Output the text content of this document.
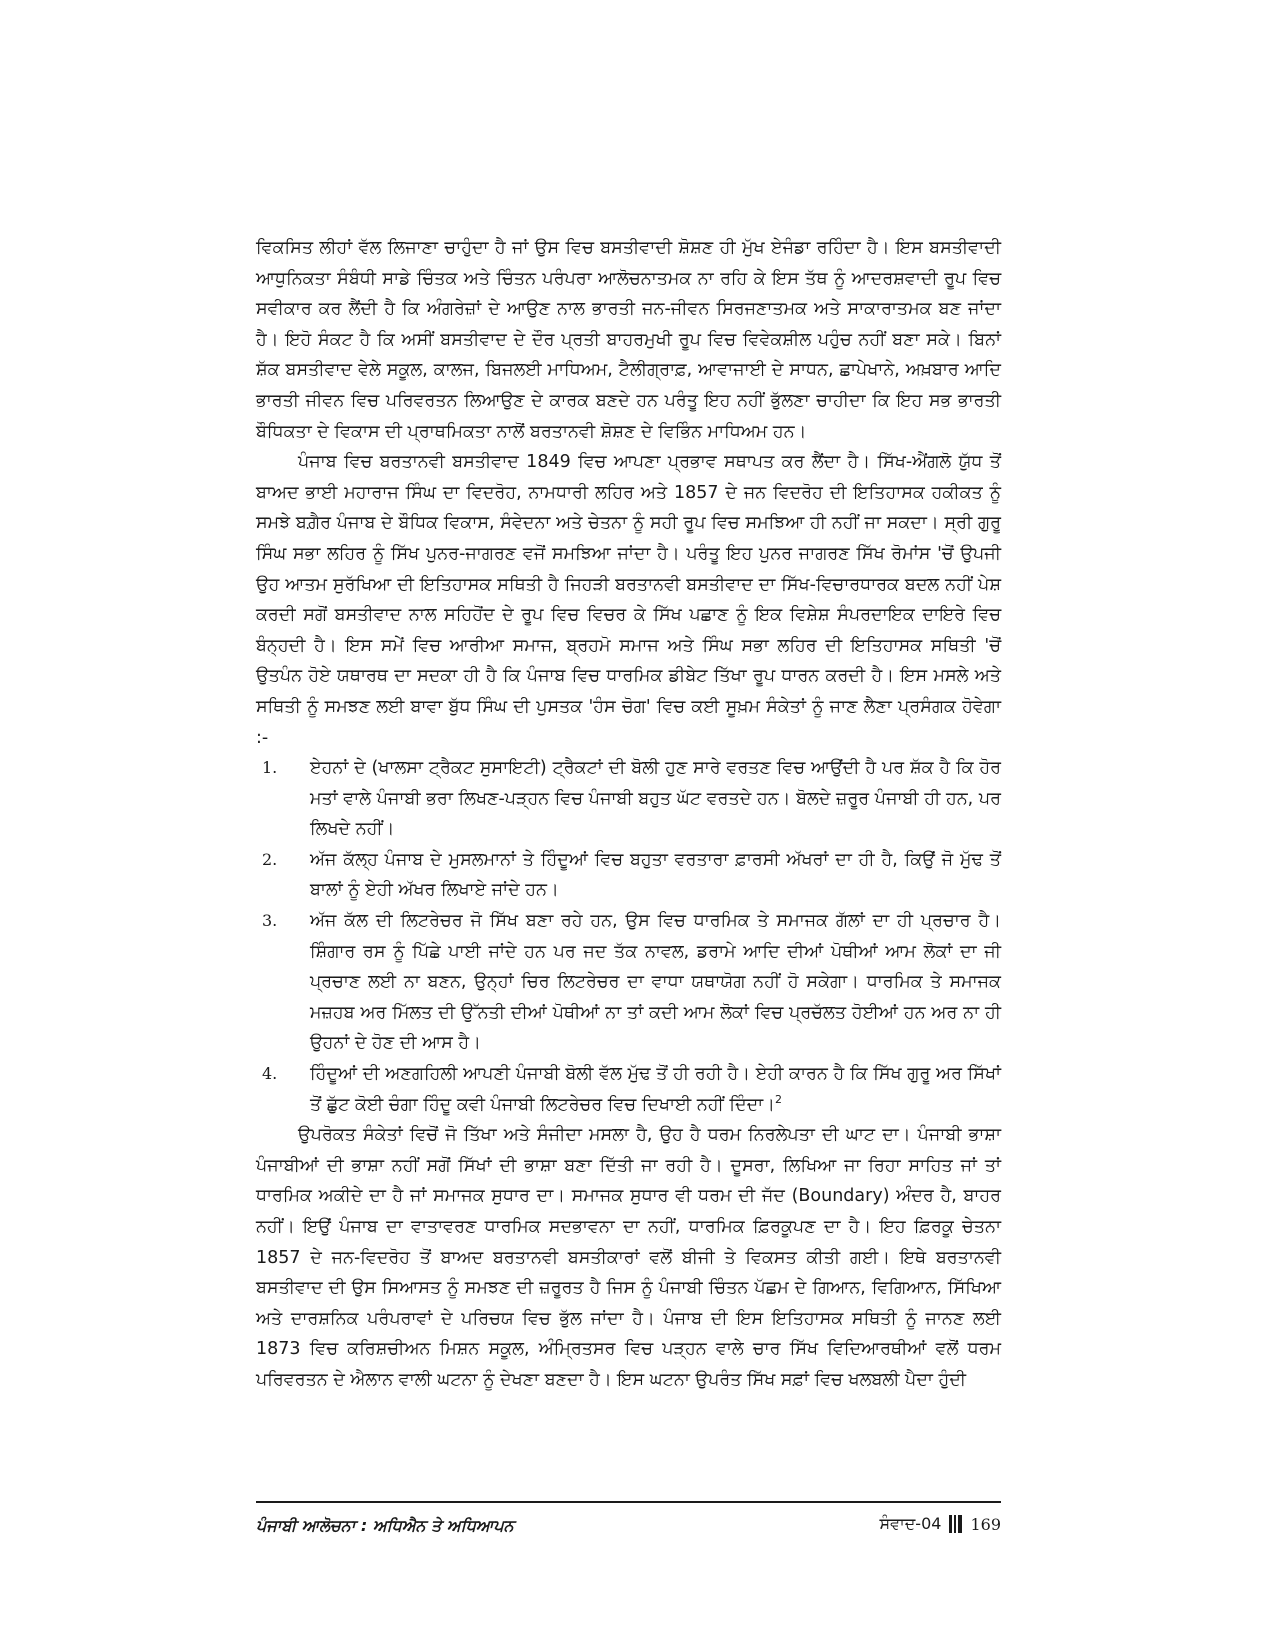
ਵਿਕਸਿਤ ਲੀਹਾਂ ਵੱਲ ਲਿਜਾਣਾ ਚਾਹੁੰਦਾ ਹੈ ਜਾਂ ਉਸ ਵਿਚ ਬਸਤੀਵਾਦੀ ਸ਼ੋਸ਼ਣ ਹੀ ਮੁੱਖ ਏਜੰਡਾ ਰਹਿੰਦਾ ਹੈ। ਇਸ ਬਸਤੀਵਾਦੀ ਆਧੁਨਿਕਤਾ ਸੰਬੰਧੀ ਸਾਡੇ ਚਿੰਤਕ ਅਤੇ ਚਿੰਤਨ ਪਰੰਪਰਾ ਆਲੋਚਨਾਤਮਕ ਨਾ ਰਹਿ ਕੇ ਇਸ ਤੱਥ ਨੂੰ ਆਦਰਸ਼ਵਾਦੀ ਰੂਪ ਵਿਚ ਸਵੀਕਾਰ ਕਰ ਲੈਂਦੀ ਹੈ ਕਿ ਅੰਗਰੇਜ਼ਾਂ ਦੇ ਆਉਣ ਨਾਲ ਭਾਰਤੀ ਜਨ-ਜੀਵਨ ਸਿਰਜਣਾਤਮਕ ਅਤੇ ਸਾਕਾਰਾਤਮਕ ਬਣ ਜਾਂਦਾ ਹੈ। ਇਹੋ ਸੰਕਟ ਹੈ ਕਿ ਅਸੀਂ ਬਸਤੀਵਾਦ ਦੇ ਦੌਰ ਪ੍ਰਤੀ ਬਾਹਰਮੁਖੀ ਰੂਪ ਵਿਚ ਵਿਵੇਕਸ਼ੀਲ ਪਹੁੰਚ ਨਹੀਂ ਬਣਾ ਸਕੇ। ਬਿਨਾਂ ਸ਼ੱਕ ਬਸਤੀਵਾਦ ਵੇਲੇ ਸਕੂਲ, ਕਾਲਜ, ਬਿਜਲਈ ਮਾਧਿਅਮ, ਟੈਲੀਗ੍ਰਾਫ਼, ਆਵਾਜਾਈ ਦੇ ਸਾਧਨ, ਛਾਪੇਖਾਨੇ, ਅਖ਼ਬਾਰ ਆਦਿ ਭਾਰਤੀ ਜੀਵਨ ਵਿਚ ਪਰਿਵਰਤਨ ਲਿਆਉਣ ਦੇ ਕਾਰਕ ਬਣਦੇ ਹਨ ਪਰੰਤੂ ਇਹ ਨਹੀਂ ਭੁੱਲਣਾ ਚਾਹੀਦਾ ਕਿ ਇਹ ਸਭ ਭਾਰਤੀ ਬੌਧਿਕਤਾ ਦੇ ਵਿਕਾਸ ਦੀ ਪ੍ਰਾਥਮਿਕਤਾ ਨਾਲੋਂ ਬਰਤਾਨਵੀ ਸ਼ੋਸ਼ਣ ਦੇ ਵਿਭਿੰਨ ਮਾਧਿਅਮ ਹਨ।

ਪੰਜਾਬ ਵਿਚ ਬਰਤਾਨਵੀ ਬਸਤੀਵਾਦ 1849 ਵਿਚ ਆਪਣਾ ਪ੍ਰਭਾਵ ਸਥਾਪਤ ਕਰ ਲੈਂਦਾ ਹੈ। ਸਿੱਖ-ਐਂਗਲੋ ਯੁੱਧ ਤੋਂ ਬਾਅਦ ਭਾਈ ਮਹਾਰਾਜ ਸਿੰਘ ਦਾ ਵਿਦਰੋਹ, ਨਾਮਧਾਰੀ ਲਹਿਰ ਅਤੇ 1857 ਦੇ ਜਨ ਵਿਦਰੋਹ ਦੀ ਇਤਿਹਾਸਕ ਹਕੀਕਤ ਨੂੰ ਸਮਝੇ ਬਗ਼ੈਰ ਪੰਜਾਬ ਦੇ ਬੌਧਿਕ ਵਿਕਾਸ, ਸੰਵੇਦਨਾ ਅਤੇ ਚੇਤਨਾ ਨੂੰ ਸਹੀ ਰੂਪ ਵਿਚ ਸਮਝਿਆ ਹੀ ਨਹੀਂ ਜਾ ਸਕਦਾ। ਸ੍ਰੀ ਗੁਰੂ ਸਿੰਘ ਸਭਾ ਲਹਿਰ ਨੂੰ ਸਿੱਖ ਪੁਨਰ-ਜਾਗਰਣ ਵਜੋਂ ਸਮਝਿਆ ਜਾਂਦਾ ਹੈ। ਪਰੰਤੂ ਇਹ ਪੁਨਰ ਜਾਗਰਣ ਸਿੱਖ ਰੋਮਾਂਸ 'ਚੋਂ ਉਪਜੀ ਉਹ ਆਤਮ ਸੁਰੱਖਿਆ ਦੀ ਇਤਿਹਾਸਕ ਸਥਿਤੀ ਹੈ ਜਿਹੜੀ ਬਰਤਾਨਵੀ ਬਸਤੀਵਾਦ ਦਾ ਸਿੱਖ-ਵਿਚਾਰਧਾਰਕ ਬਦਲ ਨਹੀਂ ਪੇਸ਼ ਕਰਦੀ ਸਗੋਂ ਬਸਤੀਵਾਦ ਨਾਲ ਸਹਿਹੋਂਦ ਦੇ ਰੂਪ ਵਿਚ ਵਿਚਰ ਕੇ ਸਿੱਖ ਪਛਾਣ ਨੂੰ ਇਕ ਵਿਸ਼ੇਸ਼ ਸੰਪਰਦਾਇਕ ਦਾਇਰੇ ਵਿਚ ਬੰਨ੍ਹਦੀ ਹੈ। ਇਸ ਸਮੇਂ ਵਿਚ ਆਰੀਆ ਸਮਾਜ, ਬ੍ਰਹਮੋ ਸਮਾਜ ਅਤੇ ਸਿੰਘ ਸਭਾ ਲਹਿਰ ਦੀ ਇਤਿਹਾਸਕ ਸਥਿਤੀ 'ਚੋਂ ਉਤਪੰਨ ਹੋਏ ਯਥਾਰਥ ਦਾ ਸਦਕਾ ਹੀ ਹੈ ਕਿ ਪੰਜਾਬ ਵਿਚ ਧਾਰਮਿਕ ਡੀਬੇਟ ਤਿੱਖਾ ਰੂਪ ਧਾਰਨ ਕਰਦੀ ਹੈ। ਇਸ ਮਸਲੇ ਅਤੇ ਸਥਿਤੀ ਨੂੰ ਸਮਝਣ ਲਈ ਬਾਵਾ ਬੁੱਧ ਸਿੰਘ ਦੀ ਪੁਸਤਕ 'ਹੰਸ ਚੋਗ' ਵਿਚ ਕਈ ਸੂਖ਼ਮ ਸੰਕੇਤਾਂ ਨੂੰ ਜਾਣ ਲੈਣਾ ਪ੍ਰਸੰਗਕ ਹੋਵੇਗਾ :-

1. ਏਹਨਾਂ ਦੇ (ਖਾਲਸਾ ਟ੍ਰੈਕਟ ਸੁਸਾਇਟੀ) ਟ੍ਰੈਕਟਾਂ ਦੀ ਬੋਲੀ ਹੁਣ ਸਾਰੇ ਵਰਤਣ ਵਿਚ ਆਉਂਦੀ ਹੈ ਪਰ ਸ਼ੱਕ ਹੈ ਕਿ ਹੋਰ ਮਤਾਂ ਵਾਲੇ ਪੰਜਾਬੀ ਭਰਾ ਲਿਖਣ-ਪੜ੍ਹਨ ਵਿਚ ਪੰਜਾਬੀ ਬਹੁਤ ਘੱਟ ਵਰਤਦੇ ਹਨ। ਬੋਲਦੇ ਜ਼ਰੂਰ ਪੰਜਾਬੀ ਹੀ ਹਨ, ਪਰ ਲਿਖਦੇ ਨਹੀਂ।
2. ਅੱਜ ਕੱਲ੍ਹ ਪੰਜਾਬ ਦੇ ਮੁਸਲਮਾਨਾਂ ਤੇ ਹਿੰਦੂਆਂ ਵਿਚ ਬਹੁਤਾ ਵਰਤਾਰਾ ਫ਼ਾਰਸੀ ਅੱਖਰਾਂ ਦਾ ਹੀ ਹੈ, ਕਿਉਂ ਜੋ ਮੁੱਢ ਤੋਂ ਬਾਲਾਂ ਨੂੰ ਏਹੀ ਅੱਖਰ ਲਿਖਾਏ ਜਾਂਦੇ ਹਨ।
3. ਅੱਜ ਕੱਲ ਦੀ ਲਿਟਰੇਚਰ ਜੋ ਸਿੱਖ ਬਣਾ ਰਹੇ ਹਨ, ਉਸ ਵਿਚ ਧਾਰਮਿਕ ਤੇ ਸਮਾਜਕ ਗੱਲਾਂ ਦਾ ਹੀ ਪ੍ਰਚਾਰ ਹੈ। ਸ਼ਿੰਗਾਰ ਰਸ ਨੂੰ ਪਿੱਛੇ ਪਾਈ ਜਾਂਦੇ ਹਨ ਪਰ ਜਦ ਤੱਕ ਨਾਵਲ, ਡਰਾਮੇ ਆਦਿ ਦੀਆਂ ਪੋਥੀਆਂ ਆਮ ਲੋਕਾਂ ਦਾ ਜੀ ਪ੍ਰਚਾਣ ਲਈ ਨਾ ਬਣਨ, ਉਨ੍ਹਾਂ ਚਿਰ ਲਿਟਰੇਚਰ ਦਾ ਵਾਧਾ ਯਥਾਯੋਗ ਨਹੀਂ ਹੋ ਸਕੇਗਾ। ਧਾਰਮਿਕ ਤੇ ਸਮਾਜਕ ਮਜ਼ਹਬ ਅਰ ਮਿੱਲਤ ਦੀ ਉੱਨਤੀ ਦੀਆਂ ਪੋਥੀਆਂ ਨਾ ਤਾਂ ਕਦੀ ਆਮ ਲੋਕਾਂ ਵਿਚ ਪ੍ਰਚੱਲਤ ਹੋਈਆਂ ਹਨ ਅਰ ਨਾ ਹੀ ਉਹਨਾਂ ਦੇ ਹੋਣ ਦੀ ਆਸ ਹੈ।
4. ਹਿੰਦੂਆਂ ਦੀ ਅਣਗਹਿਲੀ ਆਪਣੀ ਪੰਜਾਬੀ ਬੋਲੀ ਵੱਲ ਮੁੱਢ ਤੋਂ ਹੀ ਰਹੀ ਹੈ। ਏਹੀ ਕਾਰਨ ਹੈ ਕਿ ਸਿੱਖ ਗੁਰੂ ਅਰ ਸਿੱਖਾਂ ਤੋਂ ਛੁੱਟ ਕੋਈ ਚੰਗਾ ਹਿੰਦੂ ਕਵੀ ਪੰਜਾਬੀ ਲਿਟਰੇਚਰ ਵਿਚ ਦਿਖਾਈ ਨਹੀਂ ਦਿੰਦਾ।$^2$

ਉਪਰੋਕਤ ਸੰਕੇਤਾਂ ਵਿਚੋਂ ਜੋ ਤਿੱਖਾ ਅਤੇ ਸੰਜੀਦਾ ਮਸਲਾ ਹੈ, ਉਹ ਹੈ ਧਰਮ ਨਿਰਲੇਪਤਾ ਦੀ ਘਾਟ ਦਾ। ਪੰਜਾਬੀ ਭਾਸ਼ਾ ਪੰਜਾਬੀਆਂ ਦੀ ਭਾਸ਼ਾ ਨਹੀਂ ਸਗੋਂ ਸਿੱਖਾਂ ਦੀ ਭਾਸ਼ਾ ਬਣਾ ਦਿੱਤੀ ਜਾ ਰਹੀ ਹੈ। ਦੂਸਰਾ, ਲਿਖਿਆ ਜਾ ਰਿਹਾ ਸਾਹਿਤ ਜਾਂ ਤਾਂ ਧਾਰਮਿਕ ਅਕੀਦੇ ਦਾ ਹੈ ਜਾਂ ਸਮਾਜਕ ਸੁਧਾਰ ਦਾ। ਸਮਾਜਕ ਸੁਧਾਰ ਵੀ ਧਰਮ ਦੀ ਜੱਦ (Boundary) ਅੰਦਰ ਹੈ, ਬਾਹਰ ਨਹੀਂ। ਇਉਂ ਪੰਜਾਬ ਦਾ ਵਾਤਾਵਰਣ ਧਾਰਮਿਕ ਸਦਭਾਵਨਾ ਦਾ ਨਹੀਂ, ਧਾਰਮਿਕ ਫ਼ਿਰਕੂਪਣ ਦਾ ਹੈ। ਇਹ ਫ਼ਿਰਕੂ ਚੇਤਨਾ 1857 ਦੇ ਜਨ-ਵਿਦਰੋਹ ਤੋਂ ਬਾਅਦ ਬਰਤਾਨਵੀ ਬਸਤੀਕਾਰਾਂ ਵਲੋਂ ਬੀਜੀ ਤੇ ਵਿਕਸਤ ਕੀਤੀ ਗਈ। ਇਥੇ ਬਰਤਾਨਵੀ ਬਸਤੀਵਾਦ ਦੀ ਉਸ ਸਿਆਸਤ ਨੂੰ ਸਮਝਣ ਦੀ ਜ਼ਰੂਰਤ ਹੈ ਜਿਸ ਨੂੰ ਪੰਜਾਬੀ ਚਿੰਤਨ ਪੱਛਮ ਦੇ ਗਿਆਨ, ਵਿਗਿਆਨ, ਸਿੱਖਿਆ ਅਤੇ ਦਾਰਸ਼ਨਿਕ ਪਰੰਪਰਾਵਾਂ ਦੇ ਪਰਿਚਯ ਵਿਚ ਭੁੱਲ ਜਾਂਦਾ ਹੈ। ਪੰਜਾਬ ਦੀ ਇਸ ਇਤਿਹਾਸਕ ਸਥਿਤੀ ਨੂੰ ਜਾਨਣ ਲਈ 1873 ਵਿਚ ਕਰਿਸ਼ਚੀਅਨ ਮਿਸ਼ਨ ਸਕੂਲ, ਅੰਮ੍ਰਿਤਸਰ ਵਿਚ ਪੜ੍ਹਨ ਵਾਲੇ ਚਾਰ ਸਿੱਖ ਵਿਦਿਆਰਥੀਆਂ ਵਲੋਂ ਧਰਮ ਪਰਿਵਰਤਨ ਦੇ ਐਲਾਨ ਵਾਲੀ ਘਟਨਾ ਨੂੰ ਦੇਖਣਾ ਬਣਦਾ ਹੈ। ਇਸ ਘਟਨਾ ਉਪਰੰਤ ਸਿੱਖ ਸਫ਼ਾਂ ਵਿਚ ਖਲਬਲੀ ਪੈਦਾ ਹੁੰਦੀ

ਪੰਜਾਬੀ ਆਲੋਚਨਾ : ਅਧਿਐਨ ਤੇ ਅਧਿਆਪਨ	ਸੰਵਾਦ-04 169
